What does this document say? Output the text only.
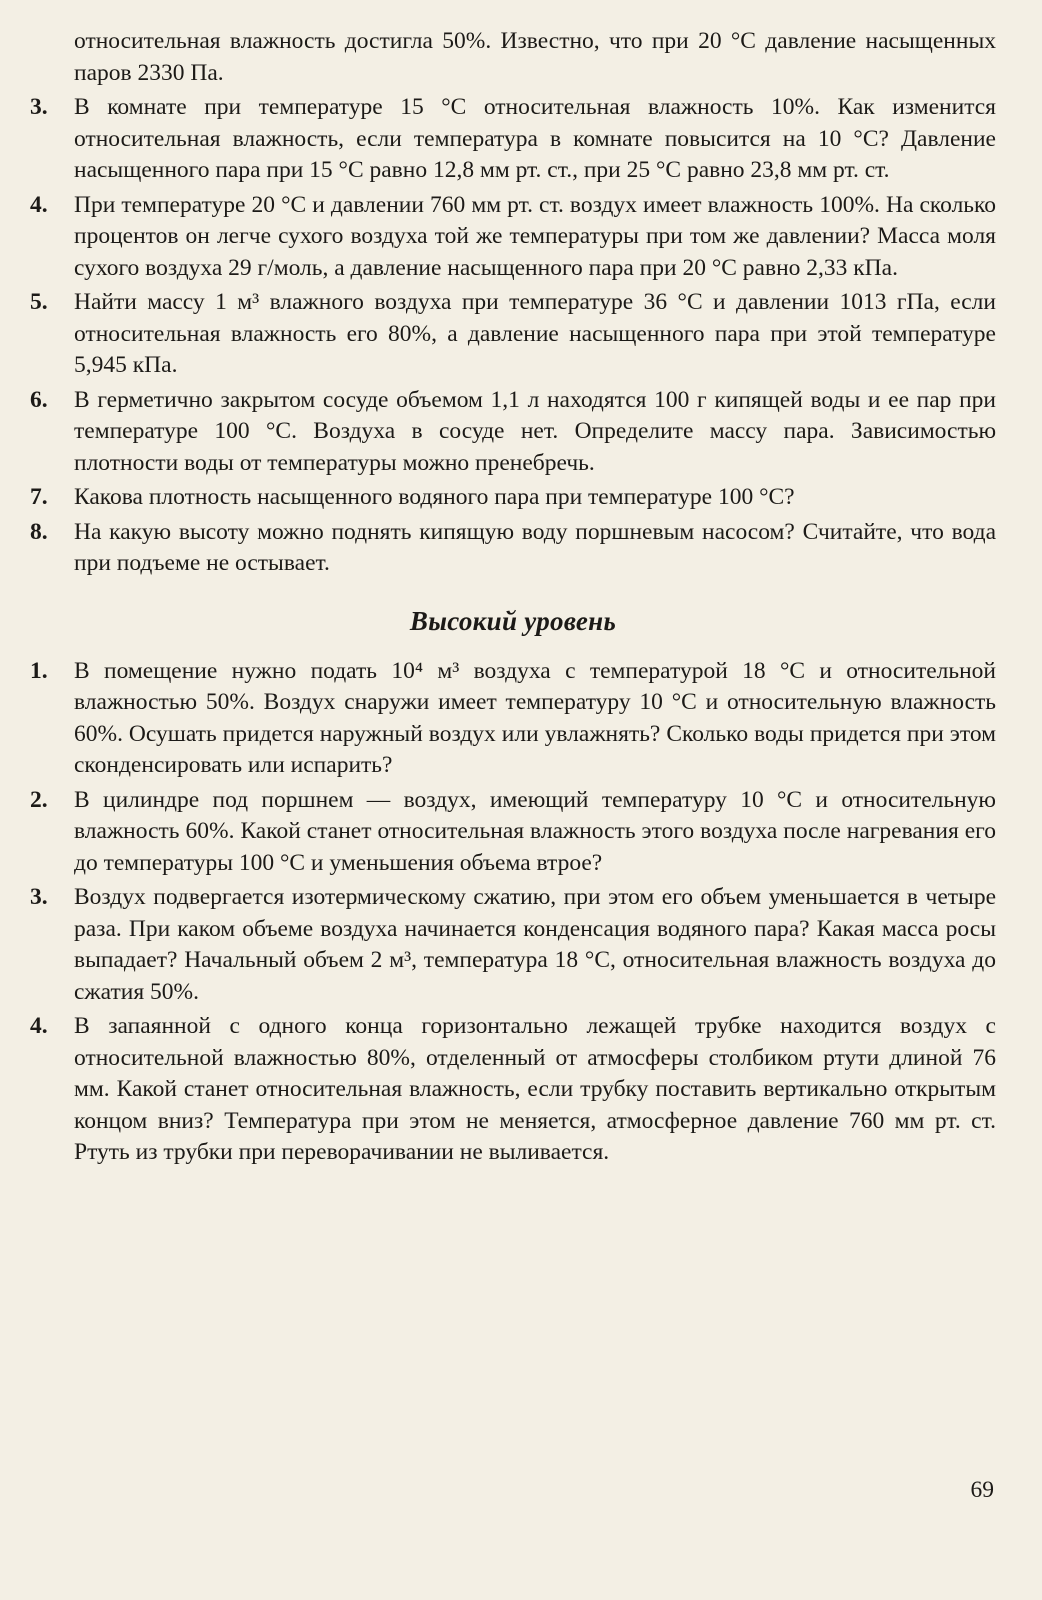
относительная влажность достигла 50%. Известно, что при 20 °С давление насыщенных паров 2330 Па.
3.	В комнате при температуре 15 °С относительная влажность 10%. Как изменится относительная влажность, если температура в комнате повысится на 10 °С? Давление насыщенного пара при 15 °С равно 12,8 мм рт. ст., при 25 °С равно 23,8 мм рт. ст.
4.	При температуре 20 °С и давлении 760 мм рт. ст. воздух имеет влажность 100%. На сколько процентов он легче сухого воздуха той же температуры при том же давлении? Масса моля сухого воздуха 29 г/моль, а давление насыщенного пара при 20 °С равно 2,33 кПа.
5.	Найти массу 1 м³ влажного воздуха при температуре 36 °С и давлении 1013 гПа, если относительная влажность его 80%, а давление насыщенного пара при этой температуре 5,945 кПа.
6.	В герметично закрытом сосуде объемом 1,1 л находятся 100 г кипящей воды и ее пар при температуре 100 °С. Воздуха в сосуде нет. Определите массу пара. Зависимостью плотности воды от температуры можно пренебречь.
7.	Какова плотность насыщенного водяного пара при температуре 100 °С?
8.	На какую высоту можно поднять кипящую воду поршневым насосом? Считайте, что вода при подъеме не остывает.
Высокий уровень
1.	В помещение нужно подать 10⁴ м³ воздуха с температурой 18 °С и относительной влажностью 50%. Воздух снаружи имеет температуру 10 °С и относительную влажность 60%. Осушать придется наружный воздух или увлажнять? Сколько воды придется при этом сконденсировать или испарить?
2.	В цилиндре под поршнем — воздух, имеющий температуру 10 °С и относительную влажность 60%. Какой станет относительная влажность этого воздуха после нагревания его до температуры 100 °С и уменьшения объема втрое?
3.	Воздух подвергается изотермическому сжатию, при этом его объем уменьшается в четыре раза. При каком объеме воздуха начинается конденсация водяного пара? Какая масса росы выпадает? Начальный объем 2 м³, температура 18 °С, относительная влажность воздуха до сжатия 50%.
4.	В запаянной с одного конца горизонтально лежащей трубке находится воздух с относительной влажностью 80%, отделенный от атмосферы столбиком ртути длиной 76 мм. Какой станет относительная влажность, если трубку поставить вертикально открытым концом вниз? Температура при этом не меняется, атмосферное давление 760 мм рт. ст. Ртуть из трубки при переворачивании не выливается.
69
